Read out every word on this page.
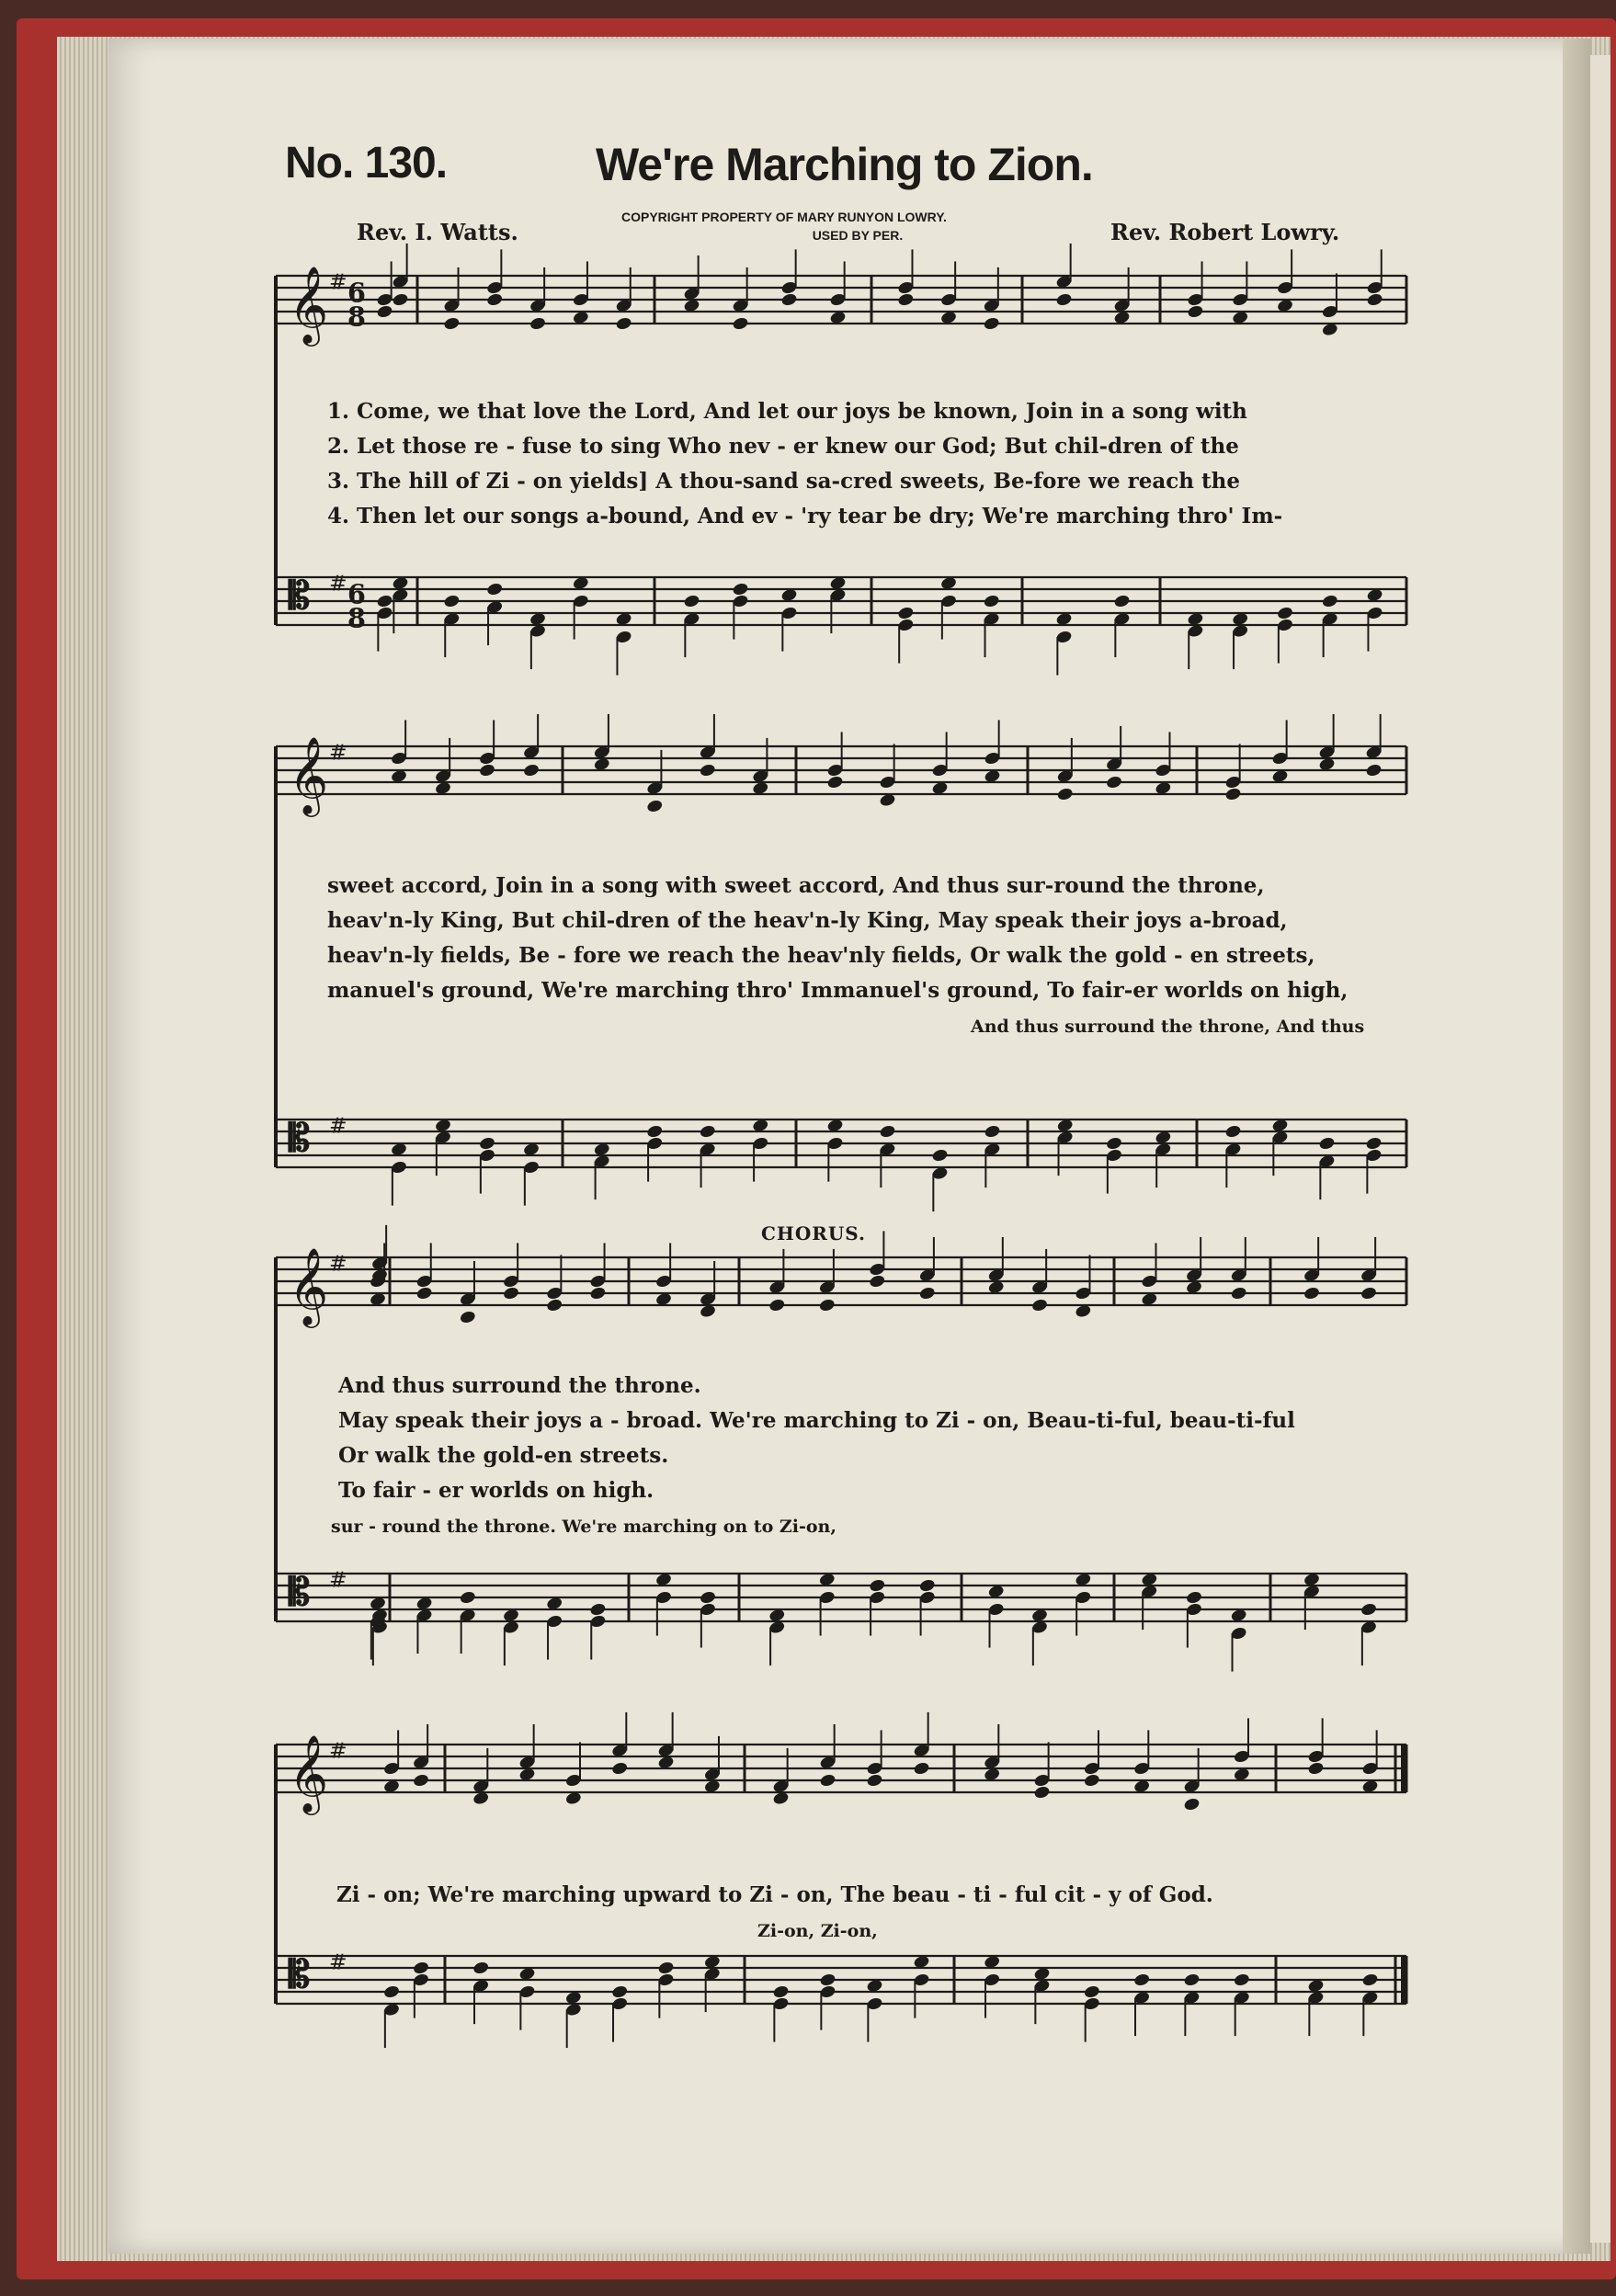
No. 130.	We're Marching to Zion.
Rev. I. Watts.
COPYRIGHT PROPERTY OF MARY RUNYON LOWRY.
USED BY PER.	Rev. Robert Lowry.
𝄞 #
𝄡 #
6
8
6
8
𝄞 #
𝄡 #
𝄞 #
𝄡 #
𝄞 #
𝄡 #
1. Come, we that love the Lord, And let our joys be known, Join in a song with
2. Let those re - fuse to sing Who nev - er knew our God; But chil-dren of the
3. The hill of Zi - on yields] A thou-sand sa-cred sweets, Be-fore we reach the
4. Then let our songs a-bound, And ev - 'ry tear be dry; We're marching thro' Im-
sweet accord, Join in a song with sweet accord, And thus sur-round the throne,
heav'n-ly King, But chil-dren of the heav'n-ly King, May speak their joys a-broad,
heav'n-ly fields, Be - fore we reach the heav'nly fields, Or walk the gold - en streets,
manuel's ground, We're marching thro' Immanuel's ground, To fair-er worlds on high,
And thus surround the throne, And thus
CHORUS.
And thus surround the throne.
May speak their joys a - broad. We're marching to Zi - on, Beau-ti-ful, beau-ti-ful
Or walk the gold-en streets.
To fair - er worlds on high.
sur - round the throne. We're marching on to Zi-on,
Zi - on; We're marching upward to Zi - on, The beau - ti - ful cit - y of God.
Zi-on, Zi-on,
